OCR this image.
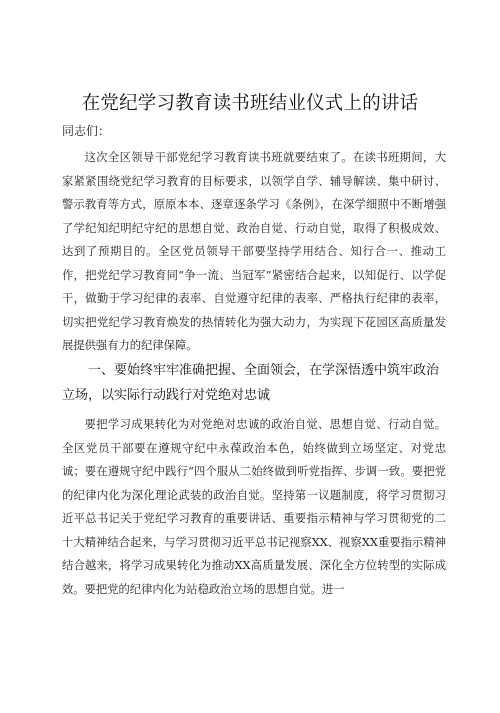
在党纪学习教育读书班结业仪式上的讲话
同志们：

这次全区领导干部党纪学习教育读书班就要结束了。在读书班期间，大家紧紧围绕党纪学习教育的目标要求，以领学自学、辅导解读、集中研讨、警示教育等方式，原原本本、逐章逐条学习《条例》，在深学细照中不断增强了学纪知纪明纪守纪的思想自觉、政治自觉、行动自觉，取得了积极成效、达到了预期目的。全区党员领导干部要坚持学用结合、知行合一、推动工作，把党纪学习教育同“争一流、当冠军”紧密结合起来，以知促行、以学促干，做勤于学习纪律的表率、自觉遵守纪律的表率、严格执行纪律的表率，切实把党纪学习教育焕发的热情转化为强大动力，为实现下花园区高质量发展提供强有力的纪律保障。

一、要始终牢牢准确把握、全面领会，在学深悟透中筑牢政治立场，以实际行动践行对党绝对忠诚

要把学习成果转化为对党绝对忠诚的政治自觉、思想自觉、行动自觉。全区党员干部要在遵规守纪中永葆政治本色，始终做到立场坚定、对党忠诚；要在遵规守纪中践行“四个服从二始终做到听党指挥、步调一致。要把党的纪律内化为深化理论武装的政治自觉。坚持第一议题制度，将学习贯彻习近平总书记关于党纪学习教育的重要讲话、重要指示精神与学习贯彻党的二十大精神结合起来，与学习贯彻习近平总书记视察XX、视察XX重要指示精神结合越来，将学习成果转化为推动XX高质量发展、深化全方位转型的实际成效。要把党的纪律内化为站稳政治立场的思想自觉。进一
